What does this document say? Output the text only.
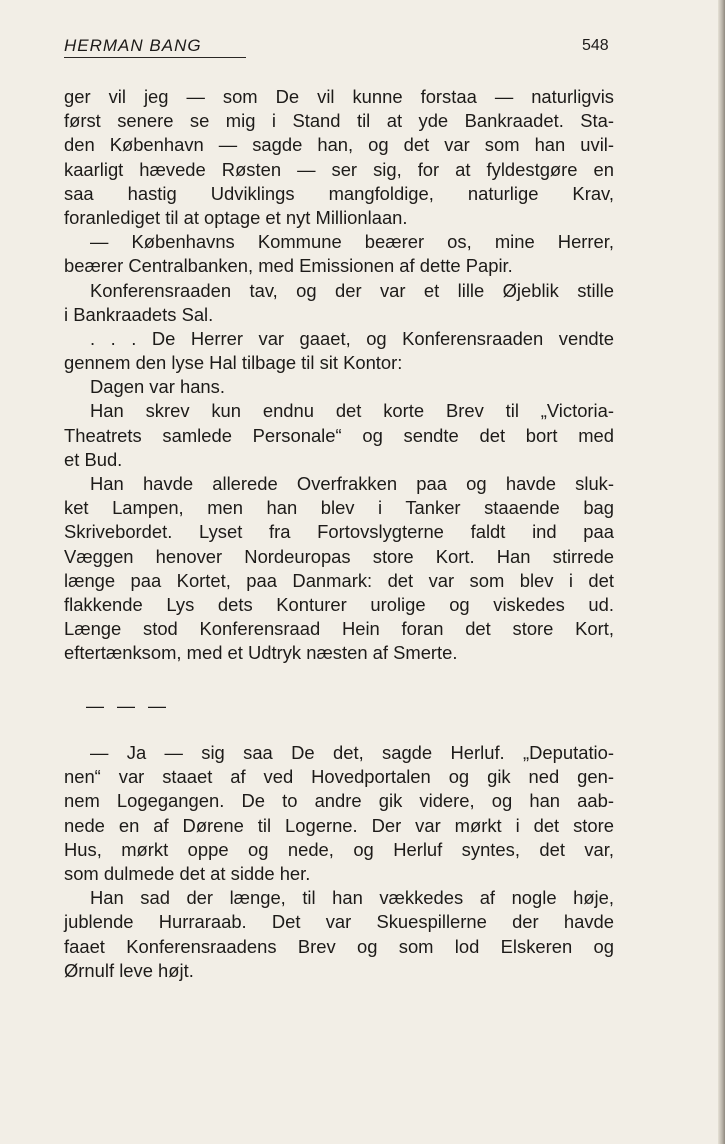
HERMAN BANG	548
ger vil jeg — som De vil kunne forstaa — naturligvis
først senere se mig i Stand til at yde Bankraadet. Sta-
den København — sagde han, og det var som han uvil-
kaarligt hævede Røsten — ser sig, for at fyldestgøre en
saa hastig Udviklings mangfoldige, naturlige Krav,
foranlediget til at optage et nyt Millionlaan.
— Københavns Kommune beærer os, mine Herrer,
beærer Centralbanken, med Emissionen af dette Papir.
Konferensraaden tav, og der var et lille Øjeblik stille
i Bankraadets Sal.
. . . De Herrer var gaaet, og Konferensraaden vendte
gennem den lyse Hal tilbage til sit Kontor:
Dagen var hans.
Han skrev kun endnu det korte Brev til „Victoria-
Theatrets samlede Personale“ og sendte det bort med
et Bud.
Han havde allerede Overfrakken paa og havde sluk-
ket Lampen, men han blev i Tanker staaende bag
Skrivebordet. Lyset fra Fortovslygterne faldt ind paa
Væggen henover Nordeuropas store Kort. Han stirrede
længe paa Kortet, paa Danmark: det var som blev i det
flakkende Lys dets Konturer urolige og viskedes ud.
Længe stod Konferensraad Hein foran det store Kort,
eftertænksom, med et Udtryk næsten af Smerte.
— — —
— Ja — sig saa De det, sagde Herluf. „Deputatio-
nen“ var staaet af ved Hovedportalen og gik ned gen-
nem Logegangen. De to andre gik videre, og han aab-
nede en af Dørene til Logerne. Der var mørkt i det store
Hus, mørkt oppe og nede, og Herluf syntes, det var,
som dulmede det at sidde her.
Han sad der længe, til han vækkedes af nogle høje,
jublende Hurraraab. Det var Skuespillerne der havde
faaet Konferensraadens Brev og som lod Elskeren og
Ørnulf leve højt.
